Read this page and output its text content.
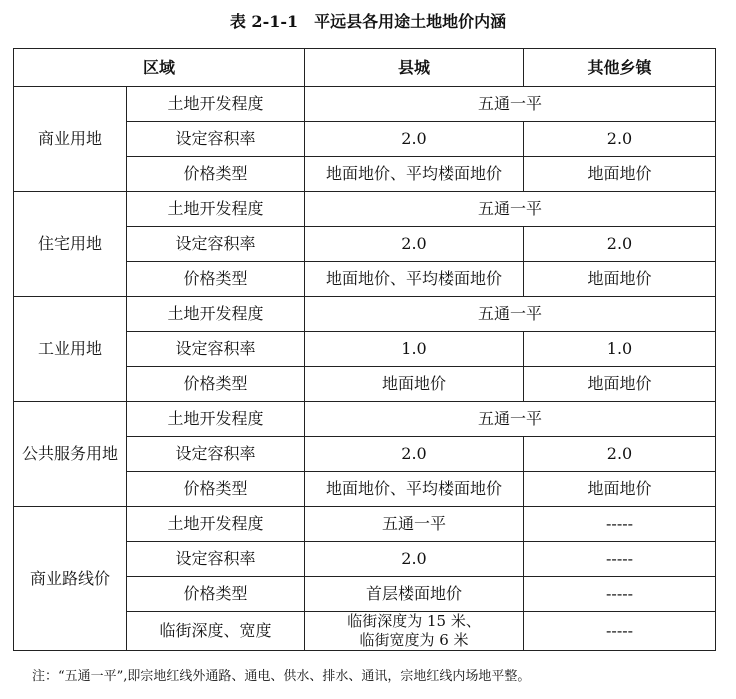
表 2-1-1 平远县各用途土地地价内涵
区域		县城	其他乡镇
商业用地	土地开发程度	五通一平	
	设定容积率	2.0	2.0
	价格类型	地面地价、平均楼面地价	地面地价
住宅用地	土地开发程度	五通一平	
	设定容积率	2.0	2.0
	价格类型	地面地价、平均楼面地价	地面地价
工业用地	土地开发程度	五通一平	
	设定容积率	1.0	1.0
	价格类型	地面地价	地面地价
公共服务用地	土地开发程度	五通一平	
	设定容积率	2.0	2.0
	价格类型	地面地价、平均楼面地价	地面地价
商业路线价	土地开发程度	五通一平	-----
	设定容积率	2.0	-----
	价格类型	首层楼面地价	-----
	临街深度、宽度	临街深度为 15 米、
临街宽度为 6 米	-----
注：“五通一平”,即宗地红线外通路、通电、供水、排水、通讯，宗地红线内场地平整。
